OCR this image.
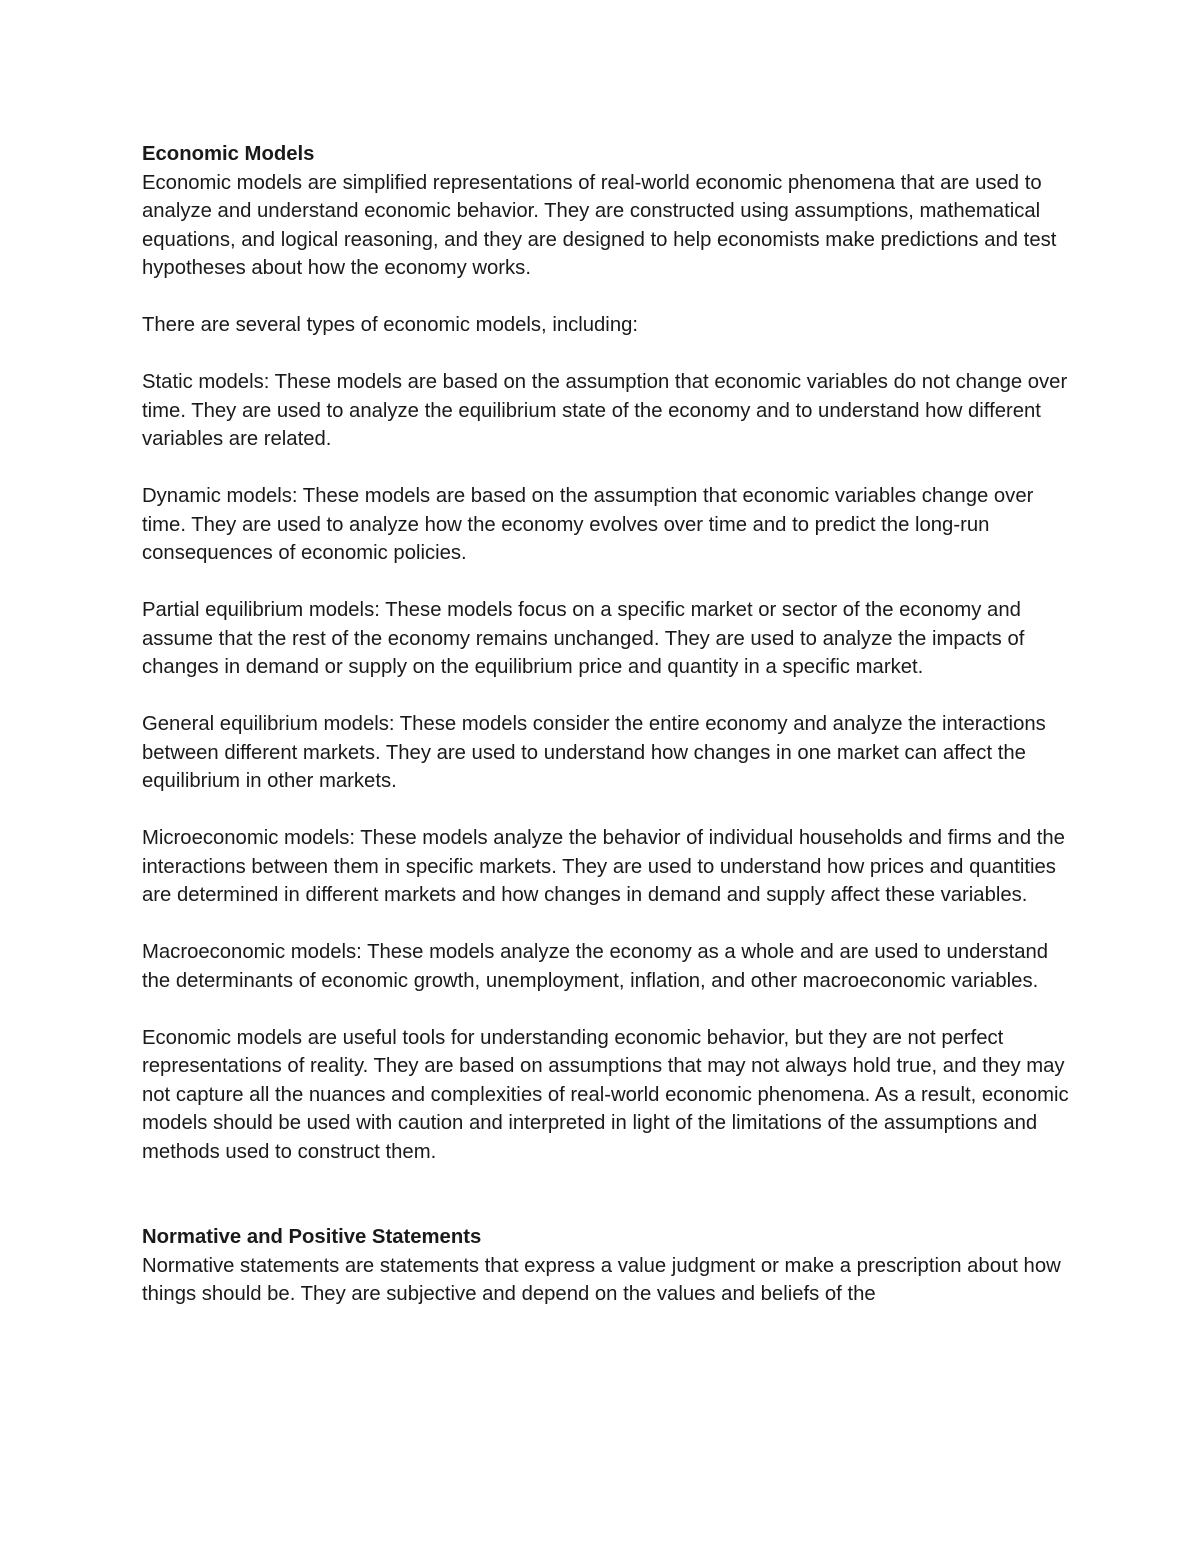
Economic Models

Economic models are simplified representations of real-world economic phenomena that are used to analyze and understand economic behavior. They are constructed using assumptions, mathematical equations, and logical reasoning, and they are designed to help economists make predictions and test hypotheses about how the economy works.

There are several types of economic models, including:

Static models: These models are based on the assumption that economic variables do not change over time. They are used to analyze the equilibrium state of the economy and to understand how different variables are related.

Dynamic models: These models are based on the assumption that economic variables change over time. They are used to analyze how the economy evolves over time and to predict the long-run consequences of economic policies.

Partial equilibrium models: These models focus on a specific market or sector of the economy and assume that the rest of the economy remains unchanged. They are used to analyze the impacts of changes in demand or supply on the equilibrium price and quantity in a specific market.

General equilibrium models: These models consider the entire economy and analyze the interactions between different markets. They are used to understand how changes in one market can affect the equilibrium in other markets.

Microeconomic models: These models analyze the behavior of individual households and firms and the interactions between them in specific markets. They are used to understand how prices and quantities are determined in different markets and how changes in demand and supply affect these variables.

Macroeconomic models: These models analyze the economy as a whole and are used to understand the determinants of economic growth, unemployment, inflation, and other macroeconomic variables.

Economic models are useful tools for understanding economic behavior, but they are not perfect representations of reality. They are based on assumptions that may not always hold true, and they may not capture all the nuances and complexities of real-world economic phenomena. As a result, economic models should be used with caution and interpreted in light of the limitations of the assumptions and methods used to construct them.

Normative and Positive Statements

Normative statements are statements that express a value judgment or make a prescription about how things should be. They are subjective and depend on the values and beliefs of the
